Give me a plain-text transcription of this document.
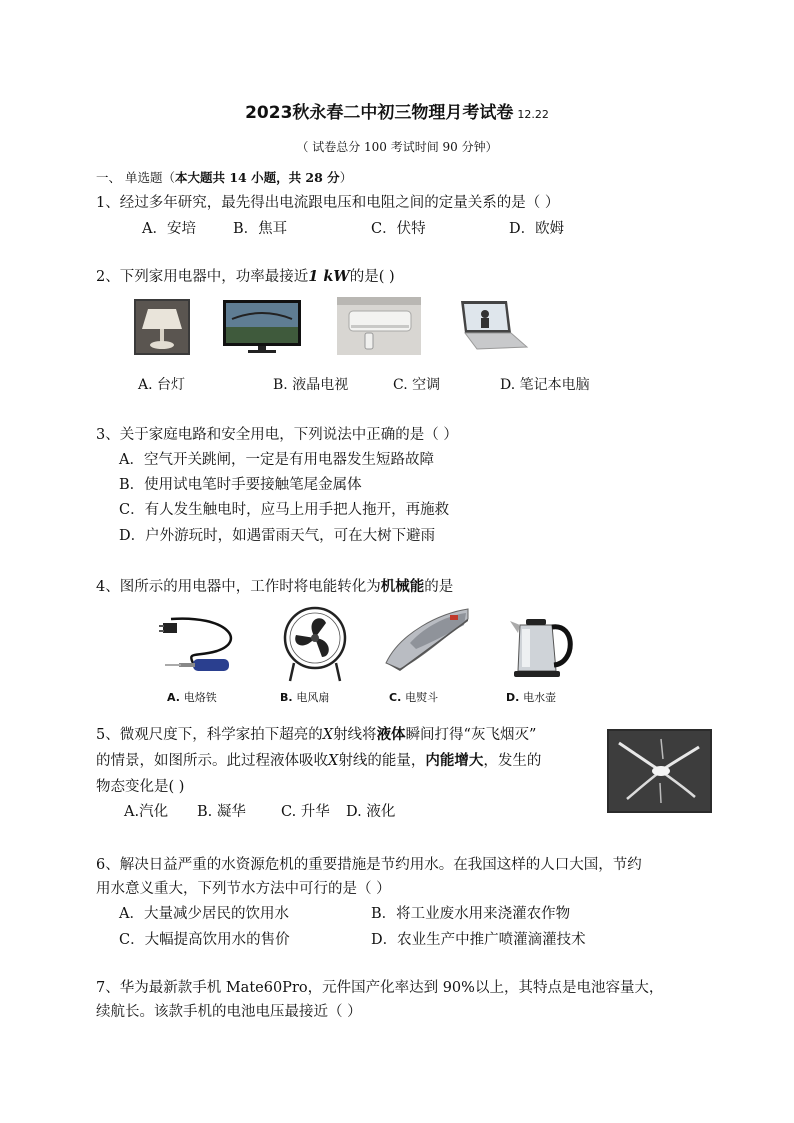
2023秋永春二中初三物理月考试卷 12.22
（ 试卷总分 100 考试时间 90 分钟）
一、 单选题（本大题共 14 小题，共 28 分）
1、经过多年研究，最先得出电流跟电压和电阻之间的定量关系的是（ ）
A．安培	B．焦耳	C．伏特	D．欧姆
2、下列家用电器中，功率最接近1 kW的是( )
A. 台灯	B. 液晶电视	C. 空调	D. 笔记本电脑
3、关于家庭电路和安全用电，下列说法中正确的是（ ）
A．空气开关跳闸，一定是有用电器发生短路故障
B．使用试电笔时手要接触笔尾金属体
C．有人发生触电时，应马上用手把人拖开，再施救
D．户外游玩时，如遇雷雨天气，可在大树下避雨
4、图所示的用电器中，工作时将电能转化为机械能的是
A. 电烙铁	B. 电风扇	C. 电熨斗	D. 电水壶
5、微观尺度下，科学家拍下超亮的X射线将液体瞬间打得“灰飞烟灭”
的情景，如图所示。此过程液体吸收X射线的能量，内能增大，发生的
物态变化是( )
A.汽化 B. 凝华 C. 升华 D. 液化
6、解决日益严重的水资源危机的重要措施是节约用水。在我国这样的人口大国，节约
用水意义重大，下列节水方法中可行的是（ ）
A．大量减少居民的饮用水	B．将工业废水用来浇灌农作物
C．大幅提高饮用水的售价	D．农业生产中推广喷灌滴灌技术
7、华为最新款手机 Mate60Pro，元件国产化率达到 90%以上，其特点是电池容量大，
续航长。该款手机的电池电压最接近（ ）
